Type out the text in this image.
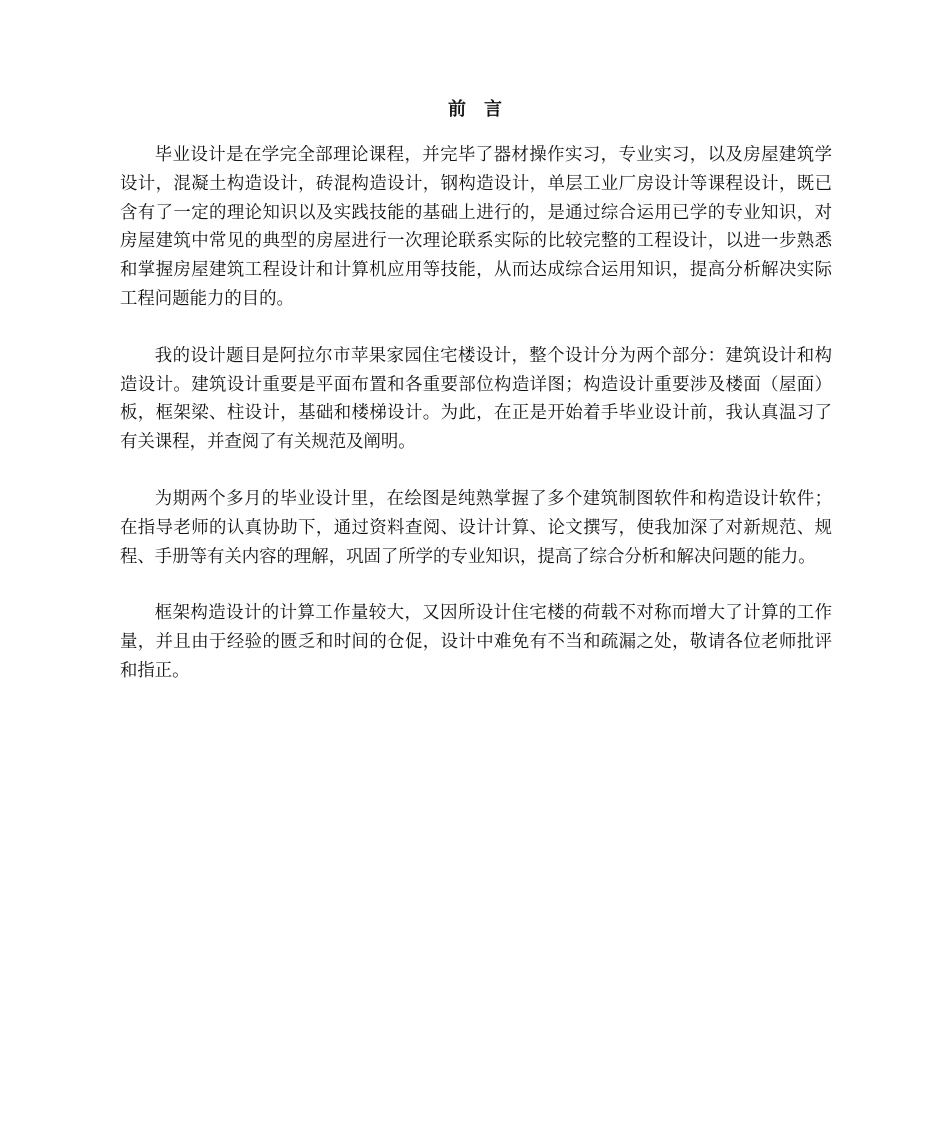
前言

毕业设计是在学完全部理论课程，并完毕了器材操作实习，专业实习，以及房屋建筑学设计，混凝土构造设计，砖混构造设计，钢构造设计，单层工业厂房设计等课程设计，既已含有了一定的理论知识以及实践技能的基础上进行的，是通过综合运用已学的专业知识，对房屋建筑中常见的典型的房屋进行一次理论联系实际的比较完整的工程设计，以进一步熟悉和掌握房屋建筑工程设计和计算机应用等技能，从而达成综合运用知识，提高分析解决实际工程问题能力的目的。

我的设计题目是阿拉尔市苹果家园住宅楼设计，整个设计分为两个部分：建筑设计和构造设计。建筑设计重要是平面布置和各重要部位构造详图；构造设计重要涉及楼面（屋面）板，框架梁、柱设计，基础和楼梯设计。为此，在正是开始着手毕业设计前，我认真温习了有关课程，并查阅了有关规范及阐明。

为期两个多月的毕业设计里，在绘图是纯熟掌握了多个建筑制图软件和构造设计软件；在指导老师的认真协助下，通过资料查阅、设计计算、论文撰写，使我加深了对新规范、规程、手册等有关内容的理解，巩固了所学的专业知识，提高了综合分析和解决问题的能力。

框架构造设计的计算工作量较大，又因所设计住宅楼的荷载不对称而增大了计算的工作量，并且由于经验的匮乏和时间的仓促，设计中难免有不当和疏漏之处，敬请各位老师批评和指正。
